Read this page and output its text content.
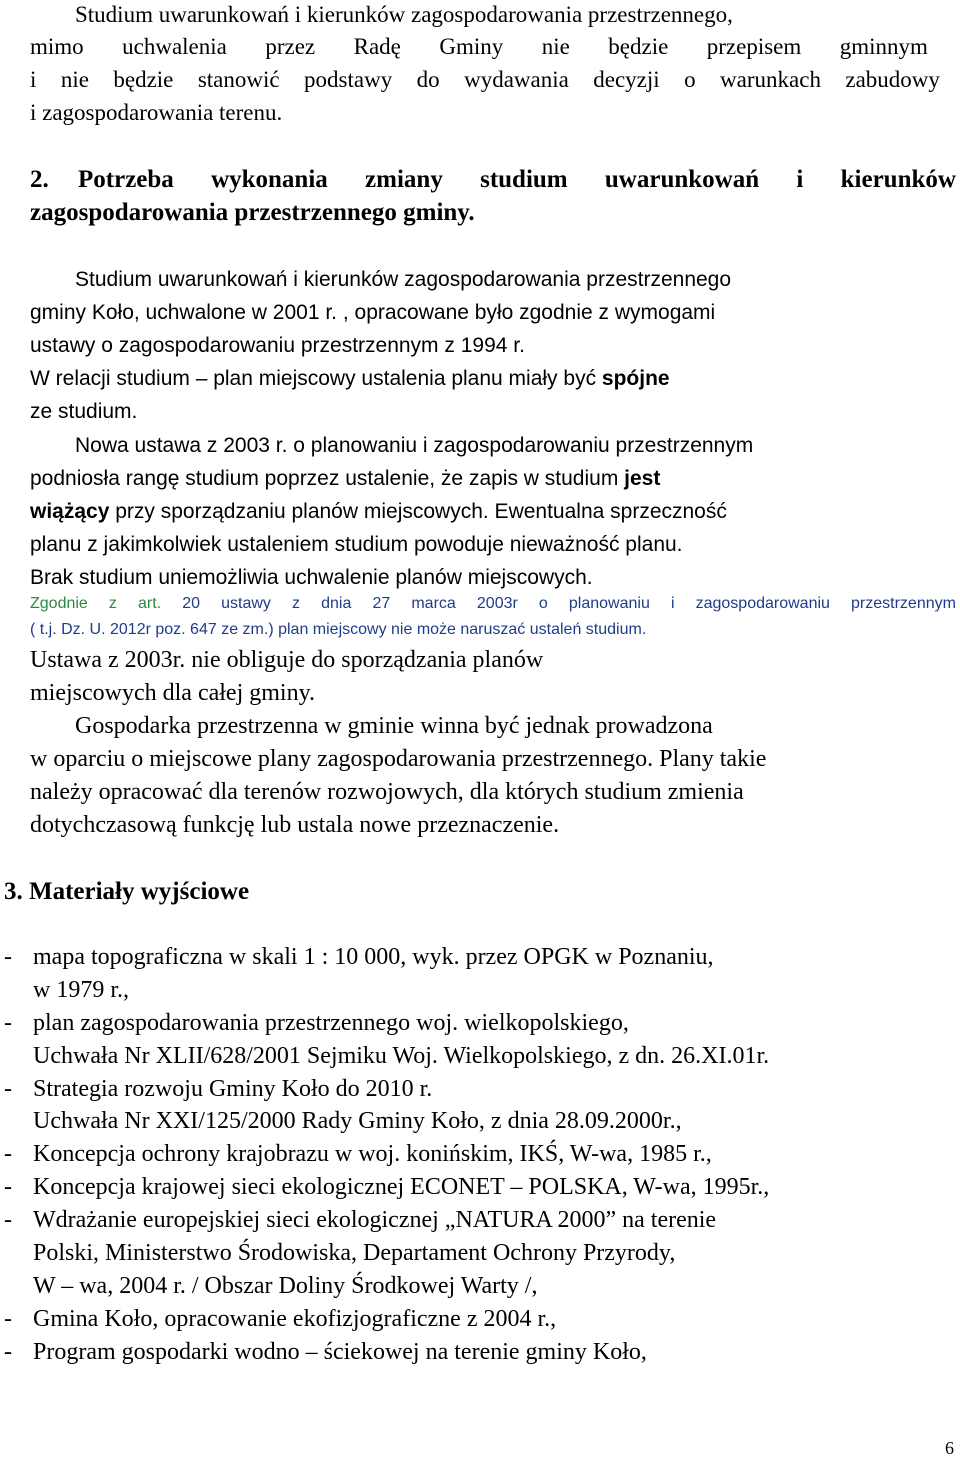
Studium uwarunkowań i kierunków zagospodarowania przestrzennego,
mimo uchwalenia przez Radę Gminy nie będzie przepisem gminnym
i nie będzie stanowić podstawy do wydawania decyzji o warunkach zabudowy
i zagospodarowania terenu.
2. Potrzeba wykonania zmiany studium uwarunkowań i kierunków
zagospodarowania przestrzennego gminy.
Studium uwarunkowań i kierunków zagospodarowania przestrzennego
gminy Koło, uchwalone w 2001 r. , opracowane było zgodnie z wymogami
ustawy o zagospodarowaniu przestrzennym z 1994 r.
W relacji studium – plan miejscowy ustalenia planu miały być spójne
ze studium.
Nowa ustawa z 2003 r. o planowaniu i zagospodarowaniu przestrzennym
podniosła rangę studium poprzez ustalenie, że zapis w studium jest
wiążący przy sporządzaniu planów miejscowych. Ewentualna sprzeczność
planu z jakimkolwiek ustaleniem studium powoduje nieważność planu.
Brak studium uniemożliwia uchwalenie planów miejscowych.
Zgodnie z art. 20 ustawy z dnia 27 marca 2003r o planowaniu i zagospodarowaniu przestrzennym
( t.j. Dz. U. 2012r poz. 647 ze zm.) plan miejscowy nie może naruszać ustaleń studium.
Ustawa z 2003r. nie obliguje do sporządzania planów
miejscowych dla całej gminy.
Gospodarka przestrzenna w gminie winna być jednak prowadzona
w oparciu o miejscowe plany zagospodarowania przestrzennego. Plany takie
należy opracować dla terenów rozwojowych, dla których studium zmienia
dotychczasową funkcję lub ustala nowe przeznaczenie.
3. Materiały wyjściowe
- mapa topograficzna w skali 1 : 10 000, wyk. przez OPGK w Poznaniu,
w 1979 r.,
- plan zagospodarowania przestrzennego woj. wielkopolskiego,
Uchwała Nr XLII/628/2001 Sejmiku Woj. Wielkopolskiego, z dn. 26.XI.01r.
- Strategia rozwoju Gminy Koło do 2010 r.
Uchwała Nr XXI/125/2000 Rady Gminy Koło, z dnia 28.09.2000r.,
- Koncepcja ochrony krajobrazu w woj. konińskim, IKŚ, W-wa, 1985 r.,
- Koncepcja krajowej sieci ekologicznej ECONET – POLSKA, W-wa, 1995r.,
- Wdrażanie europejskiej sieci ekologicznej „NATURA 2000” na terenie
Polski, Ministerstwo Środowiska, Departament Ochrony Przyrody,
W – wa, 2004 r. / Obszar Doliny Środkowej Warty /,
- Gmina Koło, opracowanie ekofizjograficzne z 2004 r.,
- Program gospodarki wodno – ściekowej na terenie gminy Koło,
6
